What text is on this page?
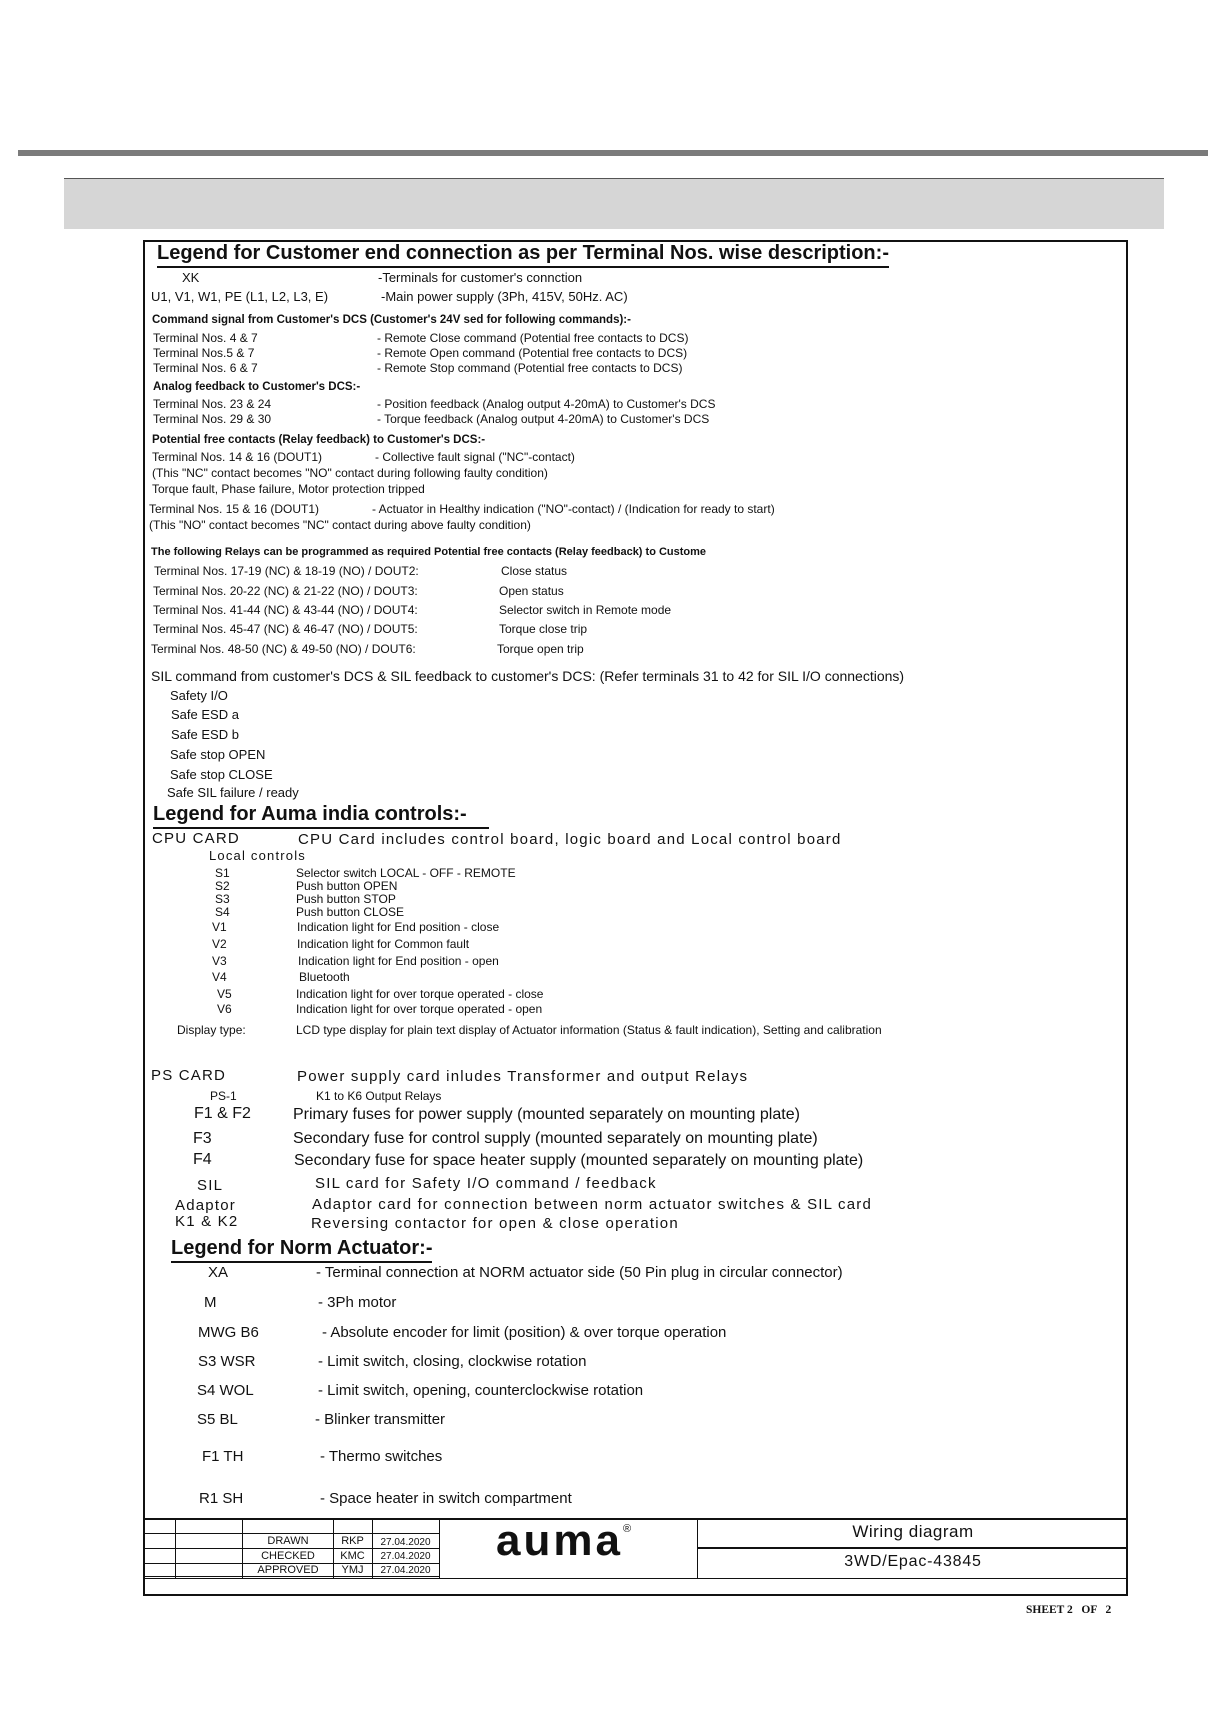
Legend for Customer end connection as per Terminal Nos. wise description:-
XK	-Terminals for customer's connction
U1, V1, W1, PE (L1, L2, L3, E)	-Main power supply (3Ph, 415V, 50Hz. AC)
Command signal from Customer's DCS (Customer's 24V sed for following commands):-
Terminal Nos. 4 & 7	- Remote Close command (Potential free contacts to DCS)
Terminal Nos.5 & 7	- Remote Open command (Potential free contacts to DCS)
Terminal Nos. 6 & 7	- Remote Stop command (Potential free contacts to DCS)
Analog feedback to Customer's DCS:-
Terminal Nos. 23 & 24	- Position feedback (Analog output 4-20mA) to Customer's DCS
Terminal Nos. 29 & 30	- Torque feedback (Analog output 4-20mA) to Customer's DCS
Potential free contacts (Relay feedback) to Customer's DCS:-
Terminal Nos. 14 & 16 (DOUT1)	- Collective fault signal ("NC"-contact)
(This "NC" contact becomes "NO" contact during following faulty condition)
Torque fault, Phase failure, Motor protection tripped
Terminal Nos. 15 & 16 (DOUT1)	- Actuator in Healthy indication ("NO"-contact) / (Indication for ready to start)
(This "NO" contact becomes "NC" contact during above faulty condition)
The following Relays can be programmed as required Potential free contacts (Relay feedback) to Custome
Terminal Nos. 17-19 (NC) & 18-19 (NO) / DOUT2:	Close status
Terminal Nos. 20-22 (NC) & 21-22 (NO) / DOUT3:	Open status
Terminal Nos. 41-44 (NC) & 43-44 (NO) / DOUT4:	Selector switch in Remote mode
Terminal Nos. 45-47 (NC) & 46-47 (NO) / DOUT5:	Torque close trip
Terminal Nos. 48-50 (NC) & 49-50 (NO) / DOUT6:	Torque open trip
SIL command from customer's DCS & SIL feedback to customer's DCS: (Refer terminals 31 to 42 for SIL I/O connections)
Safety I/O
Safe ESD a
Safe ESD b
Safe stop OPEN
Safe stop CLOSE
Safe SIL failure / ready
Legend for Auma india controls:-
CPU CARD	CPU Card includes control board, logic board and Local control board
Local controls
S1	Selector switch LOCAL - OFF - REMOTE
S2	Push button OPEN
S3	Push button STOP
S4	Push button CLOSE
V1	Indication light for End position - close
V2	Indication light for Common fault
V3	Indication light for End position - open
V4	Bluetooth
V5	Indication light for over torque operated - close
V6	Indication light for over torque operated - open
Display type:	LCD type display for plain text display of Actuator information (Status & fault indication), Setting and calibration
PS CARD	Power supply card inludes Transformer and output Relays
PS-1	K1 to K6 Output Relays
F1 & F2	Primary fuses for power supply (mounted separately on mounting plate)
F3	Secondary fuse for control supply (mounted separately on mounting plate)
F4	Secondary fuse for space heater supply (mounted separately on mounting plate)
SIL	SIL card for Safety I/O command / feedback
Adaptor	Adaptor card for connection between norm actuator switches & SIL card
K1 & K2	Reversing contactor for open & close operation
Legend for Norm Actuator:-
XA	- Terminal connection at NORM actuator side (50 Pin plug in circular connector)
M	- 3Ph motor
MWG B6	- Absolute encoder for limit (position) & over torque operation
S3 WSR	- Limit switch, closing, clockwise rotation
S4 WOL	- Limit switch, opening, counterclockwise rotation
S5 BL	- Blinker transmitter
F1 TH	- Thermo switches
R1 SH	- Space heater in switch compartment
DRAWN	RKP	27.04.2020
CHECKED	KMC	27.04.2020
APPROVED	YMJ	27.04.2020
auma®	Wiring diagram
3WD/Epac-43845
SHEET 2   OF   2
